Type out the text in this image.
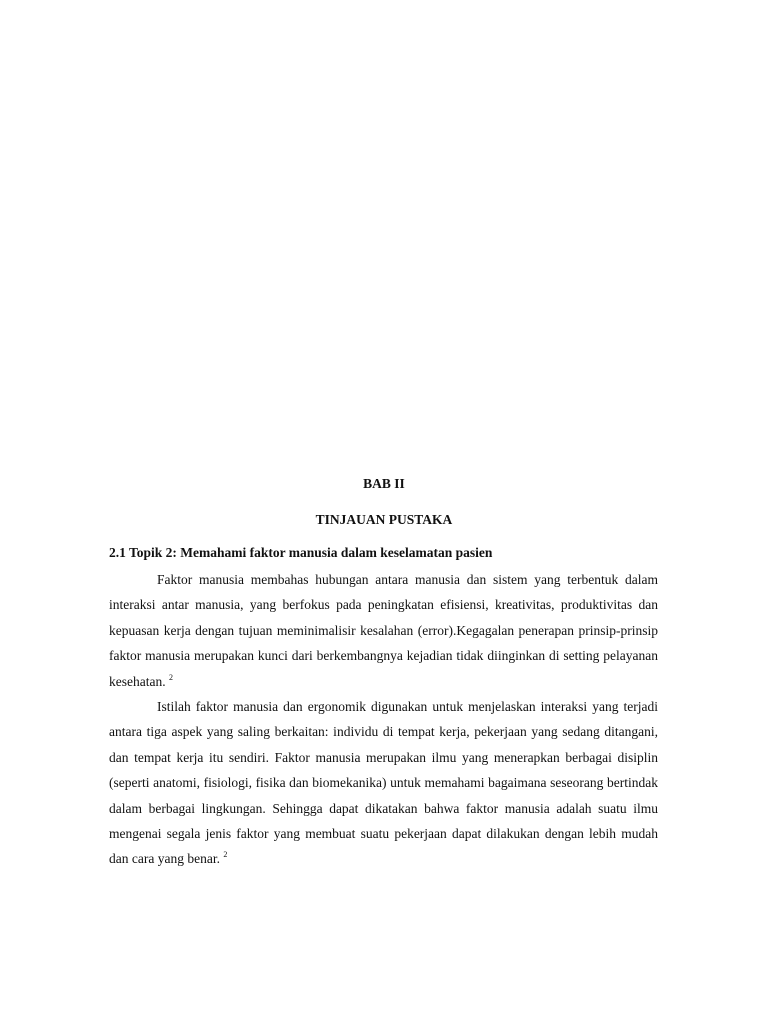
BAB II
TINJAUAN PUSTAKA
2.1 Topik 2: Memahami faktor manusia dalam keselamatan pasien

Faktor manusia membahas hubungan antara manusia dan sistem yang terbentuk dalam interaksi antar manusia, yang berfokus pada peningkatan efisiensi, kreativitas, produktivitas dan kepuasan kerja dengan tujuan meminimalisir kesalahan (error).Kegagalan penerapan prinsip-prinsip faktor manusia merupakan kunci dari berkembangnya kejadian tidak diinginkan di setting pelayanan kesehatan. $^2$

Istilah faktor manusia dan ergonomik digunakan untuk menjelaskan interaksi yang terjadi antara tiga aspek yang saling berkaitan: individu di tempat kerja, pekerjaan yang sedang ditangani, dan tempat kerja itu sendiri. Faktor manusia merupakan ilmu yang menerapkan berbagai disiplin (seperti anatomi, fisiologi, fisika dan biomekanika) untuk memahami bagaimana seseorang bertindak dalam berbagai lingkungan. Sehingga dapat dikatakan bahwa faktor manusia adalah suatu ilmu mengenai segala jenis faktor yang membuat suatu pekerjaan dapat dilakukan dengan lebih mudah dan cara yang benar. $^2$
